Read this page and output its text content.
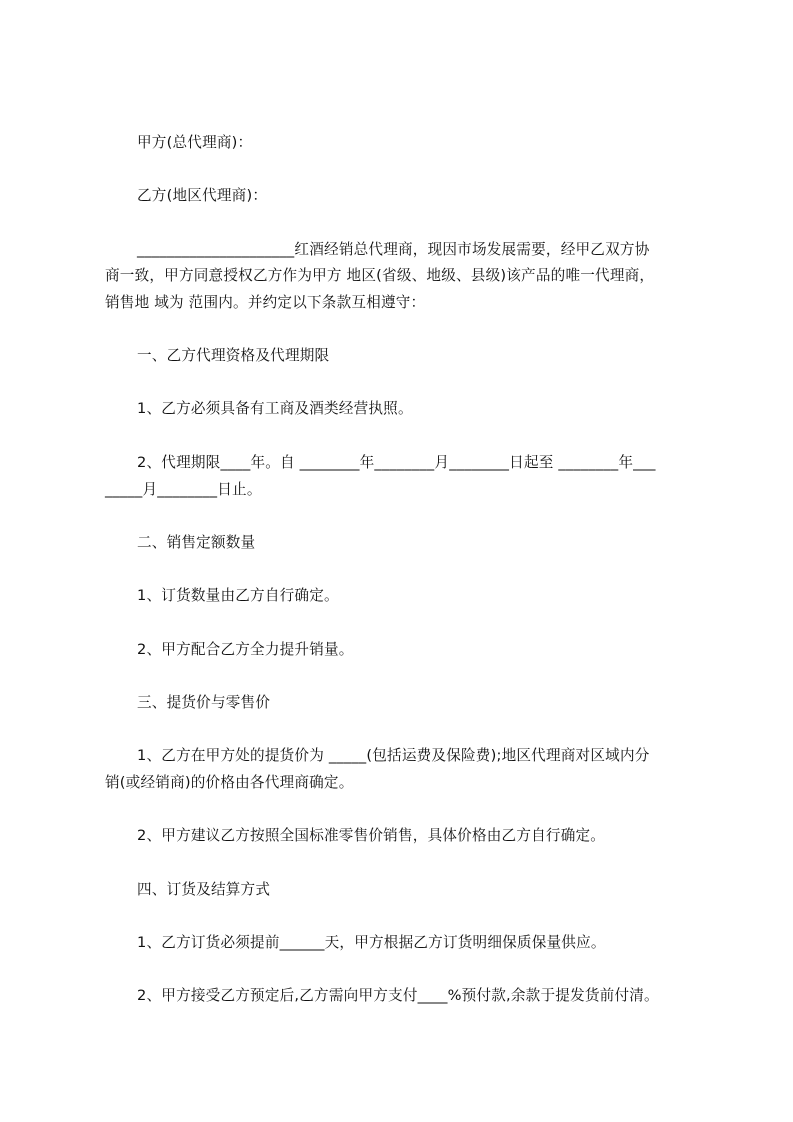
甲方(总代理商)：
乙方(地区代理商)：
_____________________红酒经销总代理商，现因市场发展需要，经甲乙双方协
商一致，甲方同意授权乙方作为甲方 地区(省级、地级、县级)该产品的唯一代理商，
销售地 域为 范围内。并约定以下条款互相遵守：
一、乙方代理资格及代理期限
1、乙方必须具备有工商及酒类经营执照。
2、代理期限____年。自 ________年________月________日起至 ________年___
_____月________日止。
二、销售定额数量
1、订货数量由乙方自行确定。
2、甲方配合乙方全力提升销量。
三、提货价与零售价
1、乙方在甲方处的提货价为 _____(包括运费及保险费);地区代理商对区域内分
销(或经销商)的价格由各代理商确定。
2、甲方建议乙方按照全国标准零售价销售，具体价格由乙方自行确定。
四、订货及结算方式
1、乙方订货必须提前______天，甲方根据乙方订货明细保质保量供应。
2、甲方接受乙方预定后,乙方需向甲方支付____%预付款,余款于提发货前付清。
